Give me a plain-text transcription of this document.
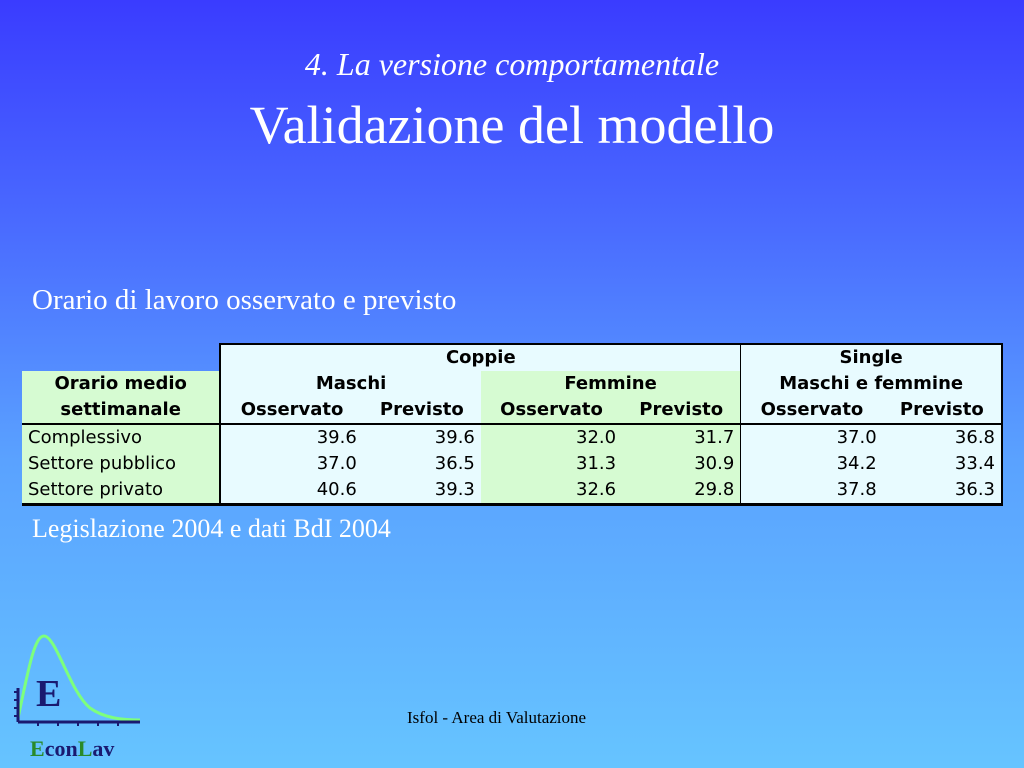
4. La versione comportamentale
Validazione del modello
Orario di lavoro osservato e previsto
	Coppie				Single	
Orario medio	Maschi		Femmine		Maschi e femmine	
settimanale	Osservato	Previsto	Osservato	Previsto	Osservato	Previsto
Complessivo	39.6	39.6	32.0	31.7	37.0	36.8
Settore pubblico	37.0	36.5	31.3	30.9	34.2	33.4
Settore privato	40.6	39.3	32.6	29.8	37.8	36.3
Legislazione 2004 e dati BdI 2004
E
EconLav
Isfol - Area di Valutazione
